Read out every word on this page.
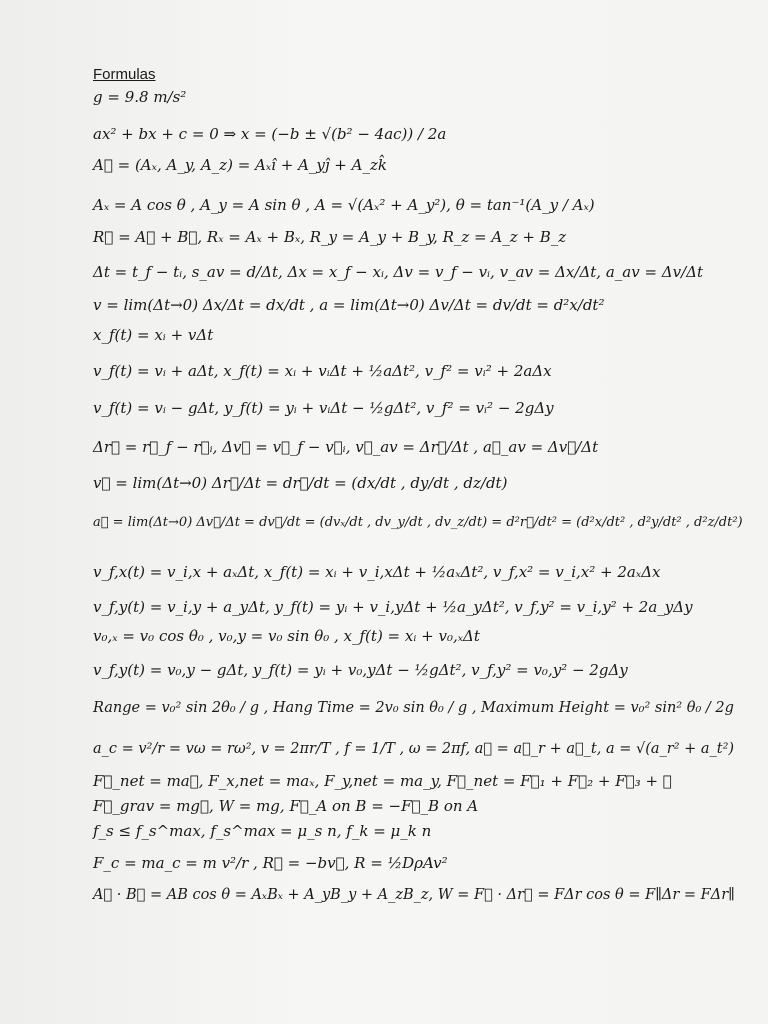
Formulas
g = 9.8 m/s²
ax² + bx + c = 0 ⇒ x = (−b ± √(b² − 4ac)) / 2a
A⃗ = (Aₓ, A_y, A_z) = Aₓî + A_yĵ + A_zk̂
Aₓ = A cos θ , A_y = A sin θ , A = √(Aₓ² + A_y²), θ = tan⁻¹(A_y / Aₓ)
R⃗ = A⃗ + B⃗, Rₓ = Aₓ + Bₓ, R_y = A_y + B_y, R_z = A_z + B_z
Δt = t_f − tᵢ, s_av = d/Δt, Δx = x_f − xᵢ, Δv = v_f − vᵢ, v_av = Δx/Δt, a_av = Δv/Δt
v = lim(Δt→0) Δx/Δt = dx/dt , a = lim(Δt→0) Δv/Δt = dv/dt = d²x/dt²
x_f(t) = xᵢ + vΔt
v_f(t) = vᵢ + aΔt, x_f(t) = xᵢ + vᵢΔt + ½aΔt², v_f² = vᵢ² + 2aΔx
v_f(t) = vᵢ − gΔt, y_f(t) = yᵢ + vᵢΔt − ½gΔt², v_f² = vᵢ² − 2gΔy
Δr⃗ = r⃗_f − r⃗ᵢ, Δv⃗ = v⃗_f − v⃗ᵢ, v⃗_av = Δr⃗/Δt , a⃗_av = Δv⃗/Δt
v⃗ = lim(Δt→0) Δr⃗/Δt = dr⃗/dt = (dx/dt , dy/dt , dz/dt)
a⃗ = lim(Δt→0) Δv⃗/Δt = dv⃗/dt = (dvₓ/dt , dv_y/dt , dv_z/dt) = d²r⃗/dt² = (d²x/dt² , d²y/dt² , d²z/dt²)
v_f,x(t) = v_i,x + aₓΔt, x_f(t) = xᵢ + v_i,xΔt + ½aₓΔt², v_f,x² = v_i,x² + 2aₓΔx
v_f,y(t) = v_i,y + a_yΔt, y_f(t) = yᵢ + v_i,yΔt + ½a_yΔt², v_f,y² = v_i,y² + 2a_yΔy
v₀,ₓ = v₀ cos θ₀ , v₀,y = v₀ sin θ₀ , x_f(t) = xᵢ + v₀,ₓΔt
v_f,y(t) = v₀,y − gΔt, y_f(t) = yᵢ + v₀,yΔt − ½gΔt², v_f,y² = v₀,y² − 2gΔy
Range = v₀² sin 2θ₀ / g , Hang Time = 2v₀ sin θ₀ / g , Maximum Height = v₀² sin² θ₀ / 2g
a_c = v²/r = vω = rω², v = 2πr/T , f = 1/T , ω = 2πf, a⃗ = a⃗_r + a⃗_t, a = √(a_r² + a_t²)
F⃗_net = ma⃗, F_x,net = maₓ, F_y,net = ma_y, F⃗_net = F⃗₁ + F⃗₂ + F⃗₃ + ⋯
F⃗_grav = mg⃗, W = mg, F⃗_A on B = −F⃗_B on A
f_s ≤ f_s^max, f_s^max = μ_s n, f_k = μ_k n
F_c = ma_c = m v²/r , R⃗ = −bv⃗, R = ½DρAv²
A⃗ · B⃗ = AB cos θ = AₓBₓ + A_yB_y + A_zB_z, W = F⃗ · Δr⃗ = FΔr cos θ = F∥Δr = FΔr∥
